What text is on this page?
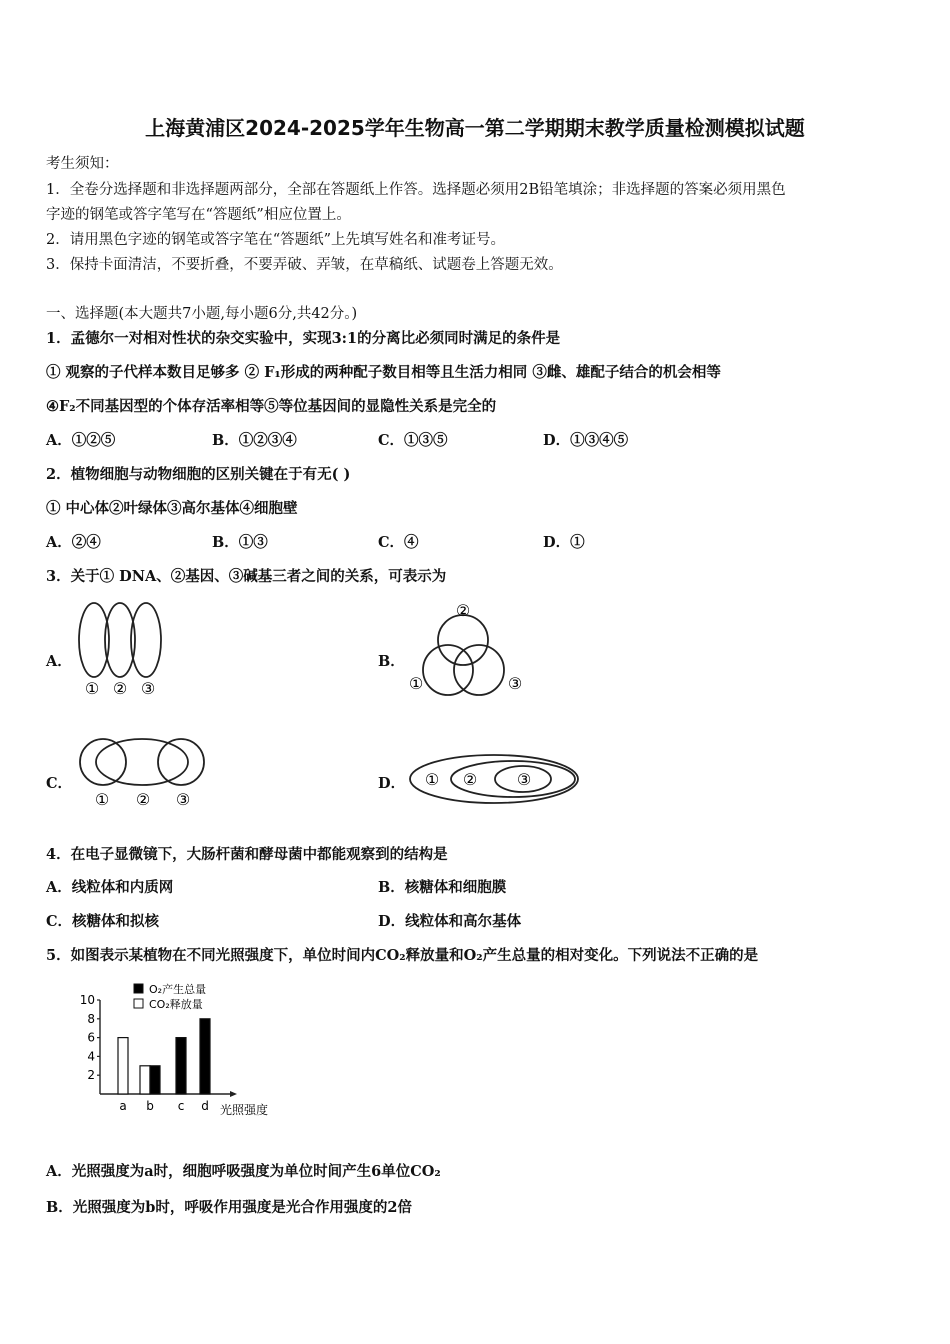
上海黄浦区2024-2025学年生物高一第二学期期末教学质量检测模拟试题
考生须知：
1．全卷分选择题和非选择题两部分，全部在答题纸上作答。选择题必须用2B铅笔填涂；非选择题的答案必须用黑色
字迹的钢笔或答字笔写在“答题纸”相应位置上。
2．请用黑色字迹的钢笔或答字笔在“答题纸”上先填写姓名和准考证号。
3．保持卡面清洁，不要折叠，不要弄破、弄皱，在草稿纸、试题卷上答题无效。
一、选择题(本大题共7小题,每小题6分,共42分。)
1．孟德尔一对相对性状的杂交实验中，实现3:1的分离比必须同时满足的条件是
① 观察的子代样本数目足够多 ② F₁形成的两种配子数目相等且生活力相同 ③雌、雄配子结合的机会相等
④F₂不同基因型的个体存活率相等⑤等位基因间的显隐性关系是完全的
A．①②⑤	B．①②③④	C．①③⑤	D．①③④⑤
2．植物细胞与动物细胞的区别关键在于有无( )
① 中心体②叶绿体③高尔基体④细胞壁
A．②④	B．①③	C．④	D．①
3．关于① DNA、②基因、③碱基三者之间的关系，可表示为
A．
① ② ③
B．
②
①	③
C．
① ② ③
D． ① ② ③
4．在电子显微镜下，大肠杆菌和酵母菌中都能观察到的结构是
A．线粒体和内质网	B．核糖体和细胞膜
C．核糖体和拟核	D．线粒体和高尔基体
5．如图表示某植物在不同光照强度下，单位时间内CO₂释放量和O₂产生总量的相对变化。下列说法不正确的是
2
4
6
8
10
a b c d
O₂产生总量
CO₂释放量
光照强度
A．光照强度为a时，细胞呼吸强度为单位时间产生6单位CO₂
B．光照强度为b时，呼吸作用强度是光合作用强度的2倍
